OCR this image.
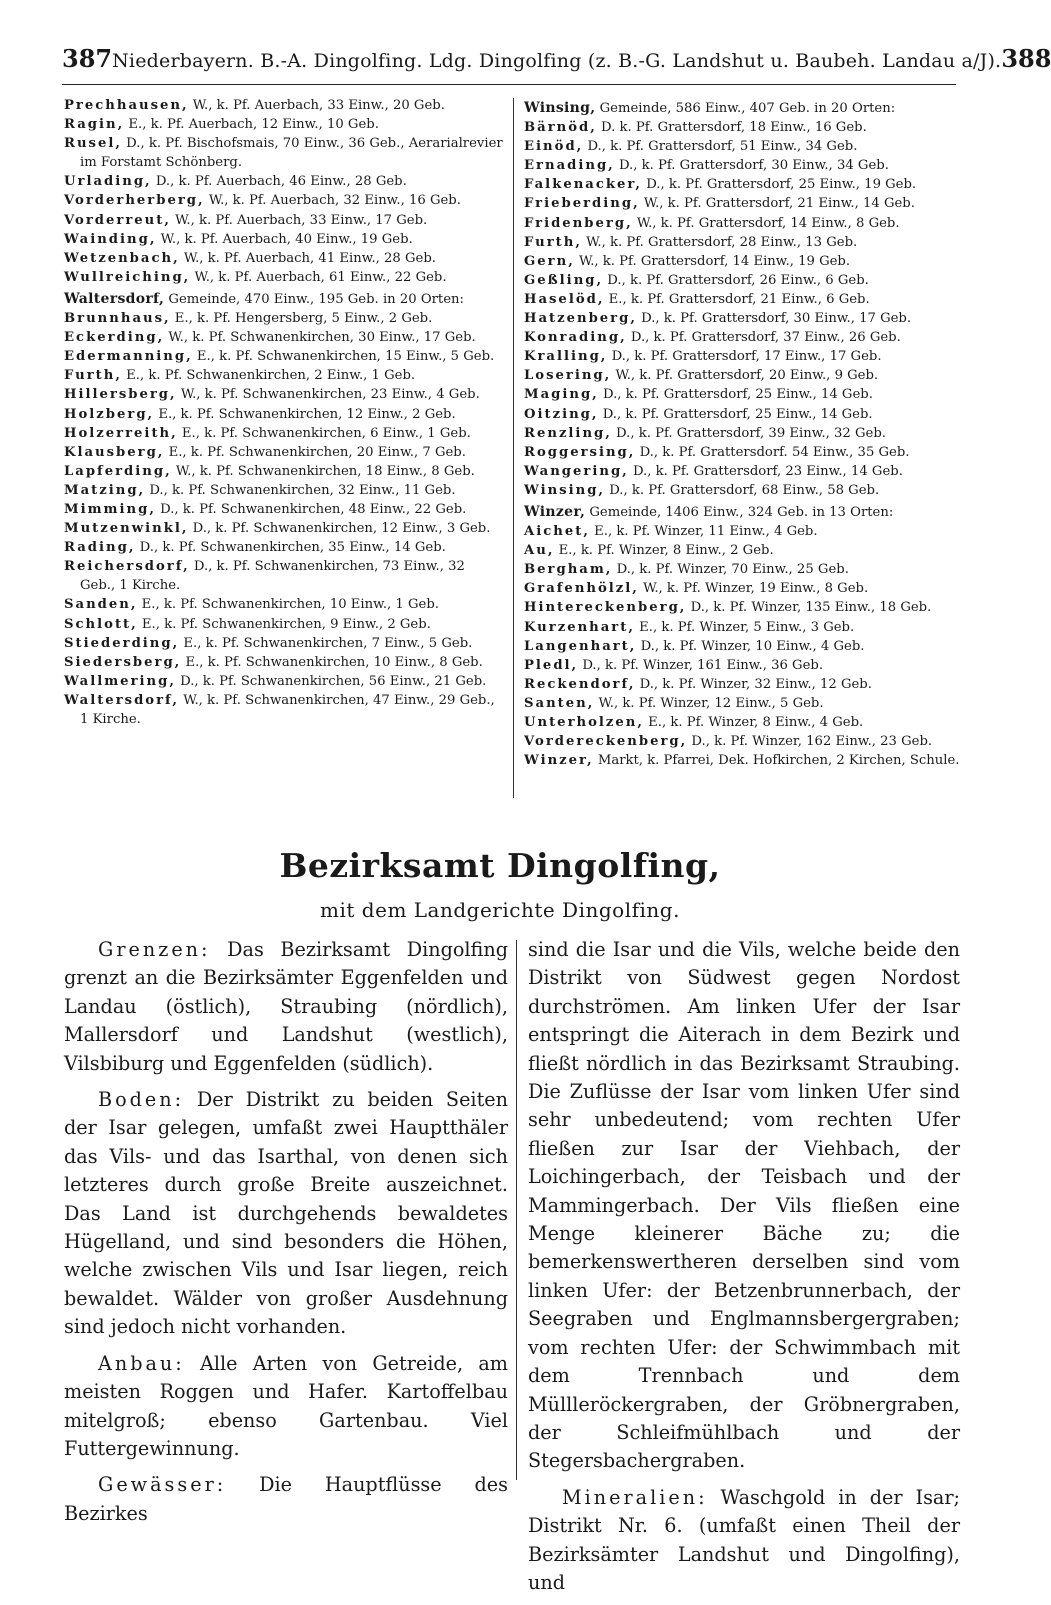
387 Niederbayern. B.-A. Dingolfing. Ldg. Dingolfing (z. B.-G. Landshut u. Baubeh. Landau a/J). 388
Prechhausen, W., k. Pf. Auerbach, 33 Einw., 20 Geb.
Ragin, E., k. Pf. Auerbach, 12 Einw., 10 Geb.
Rusel, D., k. Pf. Bischofsmais, 70 Einw., 36 Geb., Aerarialrevier im Forstamt Schönberg.
Urlading, D., k. Pf. Auerbach, 46 Einw., 28 Geb.
Vorderherberg, W., k. Pf. Auerbach, 32 Einw., 16 Geb.
Vorderreut, W., k. Pf. Auerbach, 33 Einw., 17 Geb.
Wainding, W., k. Pf. Auerbach, 40 Einw., 19 Geb.
Wetzenbach, W., k. Pf. Auerbach, 41 Einw., 28 Geb.
Wullreiching, W., k. Pf. Auerbach, 61 Einw., 22 Geb.
Waltersdorf, Gemeinde, 470 Einw., 195 Geb. in 20 Orten:
Brunnhaus, E., k. Pf. Hengersberg, 5 Einw., 2 Geb.
Eckerding, W., k. Pf. Schwanenkirchen, 30 Einw., 17 Geb.
Edermanning, E., k. Pf. Schwanenkirchen, 15 Einw., 5 Geb.
Furth, E., k. Pf. Schwanenkirchen, 2 Einw., 1 Geb.
Hillersberg, W., k. Pf. Schwanenkirchen, 23 Einw., 4 Geb.
Holzberg, E., k. Pf. Schwanenkirchen, 12 Einw., 2 Geb.
Holzerreith, E., k. Pf. Schwanenkirchen, 6 Einw., 1 Geb.
Klausberg, E., k. Pf. Schwanenkirchen, 20 Einw., 7 Geb.
Lapferding, W., k. Pf. Schwanenkirchen, 18 Einw., 8 Geb.
Matzing, D., k. Pf. Schwanenkirchen, 32 Einw., 11 Geb.
Mimming, D., k. Pf. Schwanenkirchen, 48 Einw., 22 Geb.
Mutzenwinkl, D., k. Pf. Schwanenkirchen, 12 Einw., 3 Geb.
Rading, D., k. Pf. Schwanenkirchen, 35 Einw., 14 Geb.
Reichersdorf, D., k. Pf. Schwanenkirchen, 73 Einw., 32 Geb., 1 Kirche.
Sanden, E., k. Pf. Schwanenkirchen, 10 Einw., 1 Geb.
Schlott, E., k. Pf. Schwanenkirchen, 9 Einw., 2 Geb.
Stiederding, E., k. Pf. Schwanenkirchen, 7 Einw., 5 Geb.
Siedersberg, E., k. Pf. Schwanenkirchen, 10 Einw., 8 Geb.
Wallmering, D., k. Pf. Schwanenkirchen, 56 Einw., 21 Geb.
Waltersdorf, W., k. Pf. Schwanenkirchen, 47 Einw., 29 Geb., 1 Kirche.
Winsing, Gemeinde, 586 Einw., 407 Geb. in 20 Orten:
Bärnöd, D. k. Pf. Grattersdorf, 18 Einw., 16 Geb.
Einöd, D., k. Pf. Grattersdorf, 51 Einw., 34 Geb.
Ernading, D., k. Pf. Grattersdorf, 30 Einw., 34 Geb.
Falkenacker, D., k. Pf. Grattersdorf, 25 Einw., 19 Geb.
Frieberding, W., k. Pf. Grattersdorf, 21 Einw., 14 Geb.
Fridenberg, W., k. Pf. Grattersdorf, 14 Einw., 8 Geb.
Furth, W., k. Pf. Grattersdorf, 28 Einw., 13 Geb.
Gern, W., k. Pf. Grattersdorf, 14 Einw., 19 Geb.
Geßling, D., k. Pf. Grattersdorf, 26 Einw., 6 Geb.
Haselöd, E., k. Pf. Grattersdorf, 21 Einw., 6 Geb.
Hatzenberg, D., k. Pf. Grattersdorf, 30 Einw., 17 Geb.
Konrading, D., k. Pf. Grattersdorf, 37 Einw., 26 Geb.
Kralling, D., k. Pf. Grattersdorf, 17 Einw., 17 Geb.
Losering, W., k. Pf. Grattersdorf, 20 Einw., 9 Geb.
Maging, D., k. Pf. Grattersdorf, 25 Einw., 14 Geb.
Oitzing, D., k. Pf. Grattersdorf, 25 Einw., 14 Geb.
Renzling, D., k. Pf. Grattersdorf, 39 Einw., 32 Geb.
Roggersing, D., k. Pf. Grattersdorf. 54 Einw., 35 Geb.
Wangering, D., k. Pf. Grattersdorf, 23 Einw., 14 Geb.
Winsing, D., k. Pf. Grattersdorf, 68 Einw., 58 Geb.
Winzer, Gemeinde, 1406 Einw., 324 Geb. in 13 Orten:
Aichet, E., k. Pf. Winzer, 11 Einw., 4 Geb.
Au, E., k. Pf. Winzer, 8 Einw., 2 Geb.
Bergham, D., k. Pf. Winzer, 70 Einw., 25 Geb.
Grafenhölzl, W., k. Pf. Winzer, 19 Einw., 8 Geb.
Hintereckenberg, D., k. Pf. Winzer, 135 Einw., 18 Geb.
Kurzenhart, E., k. Pf. Winzer, 5 Einw., 3 Geb.
Langenhart, D., k. Pf. Winzer, 10 Einw., 4 Geb.
Pledl, D., k. Pf. Winzer, 161 Einw., 36 Geb.
Reckendorf, D., k. Pf. Winzer, 32 Einw., 12 Geb.
Santen, W., k. Pf. Winzer, 12 Einw., 5 Geb.
Unterholzen, E., k. Pf. Winzer, 8 Einw., 4 Geb.
Vordereckenberg, D., k. Pf. Winzer, 162 Einw., 23 Geb.
Winzer, Markt, k. Pfarrei, Dek. Hofkirchen, 2 Kirchen, Schule.
Bezirksamt Dingolfing,
mit dem Landgerichte Dingolfing.

Grenzen: Das Bezirksamt Dingolfing grenzt an die Bezirksämter Eggenfelden und Landau (östlich), Straubing (nördlich), Mallersdorf und Landshut (westlich), Vilsbiburg und Eggenfelden (südlich).

Boden: Der Distrikt zu beiden Seiten der Isar gelegen, umfaßt zwei Hauptthäler das Vils- und das Isarthal, von denen sich letzteres durch große Breite auszeichnet. Das Land ist durchgehends bewaldetes Hügelland, und sind besonders die Höhen, welche zwischen Vils und Isar liegen, reich bewaldet. Wälder von großer Ausdehnung sind jedoch nicht vorhanden.

Anbau: Alle Arten von Getreide, am meisten Roggen und Hafer. Kartoffelbau mitelgroß; ebenso Gartenbau. Viel Futtergewinnung.

Gewässer: Die Hauptflüsse des Bezirkes

sind die Isar und die Vils, welche beide den Distrikt von Südwest gegen Nordost durchströmen. Am linken Ufer der Isar entspringt die Aiterach in dem Bezirk und fließt nördlich in das Bezirksamt Straubing. Die Zuflüsse der Isar vom linken Ufer sind sehr unbedeutend; vom rechten Ufer fließen zur Isar der Viehbach, der Loichingerbach, der Teisbach und der Mammingerbach. Der Vils fließen eine Menge kleinerer Bäche zu; die bemerkenswertheren derselben sind vom linken Ufer: der Betzenbrunnerbach, der Seegraben und Englmannsbergergraben; vom rechten Ufer: der Schwimmbach mit dem Trennbach und dem Müllleröckergraben, der Gröbnergraben, der Schleifmühlbach und der Stegersbachergraben.

Mineralien: Waschgold in der Isar; Distrikt Nr. 6. (umfaßt einen Theil der Bezirksämter Landshut und Dingolfing), und
